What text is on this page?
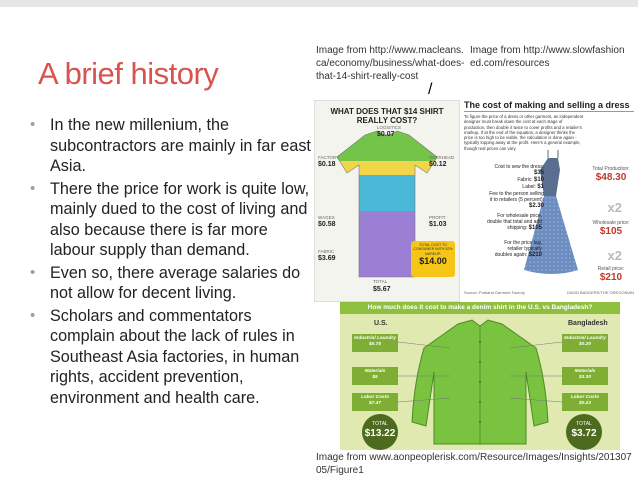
A brief history
• In the new millenium, the subcontractors are mainly in far east Asia.
• There the price for work is quite low, mainly dued to the cost of living and also because there is far more labour supply than demand.
• Even so, there average salaries do not allow for decent living.
• Scholars and commentators complain about the lack of rules in Southeast Asia factories, in human rights, accident prevention, environment and health care.
Image from http://www.macleans.ca/economy/business/what-does-that-14-shirt-really-cost
/
Image from http://www.slowfashioned.com/resources
Image from www.aonpeoplerisk.com/Resource/Images/Insights/20130705/Figure1
WHAT DOES THAT $14 SHIRT REALLY COST?
LOGISTICS
$0.07
FACTORY
$0.18
OVERHEAD
$0.12
WAGES
$0.58
PROFIT
$1.03
FABRIC
$3.69
TOTAL
$5.67
TOTAL COST TO CONSUMER WITH 52% MARKUP:
$14.00
The cost of making and selling a dress
To figure the price of a dress or other garment, an independent designer must break down the cost at each stage of production, then double it twice to cover profits and a retailer's markup. If at the end of the equation, a designer thinks the price is too high to be viable, the calculation is done again - typically lopping away at the profit. Here's a general example, though real prices can vary.
Cost to sew the dress: $35
Fabric: $10
Label: $1
Fee to the person selling it to retailers (5 percent): $2.30
For wholesale price, double that total and add shipping: $105
For the price tag, retailer typically doubles again: $210
Total Production:
$48.30
x2
Wholesale price:
$105
x2
Retail price:
$210
Source: Portland Garment Factory	DAVID BADDERS/THE OREGONIAN
How much does it cost to make a denim shirt in the U.S. vs Bangladesh?
U.S.	Bangladesh
Industrial Laundry
$0.75
Materials
$5
Labor Costs
$7.47
TOTAL
$13.22
Industrial Laundry
$0.20
Materials
$3.30
Labor Costs
$0.22
TOTAL
$3.72
